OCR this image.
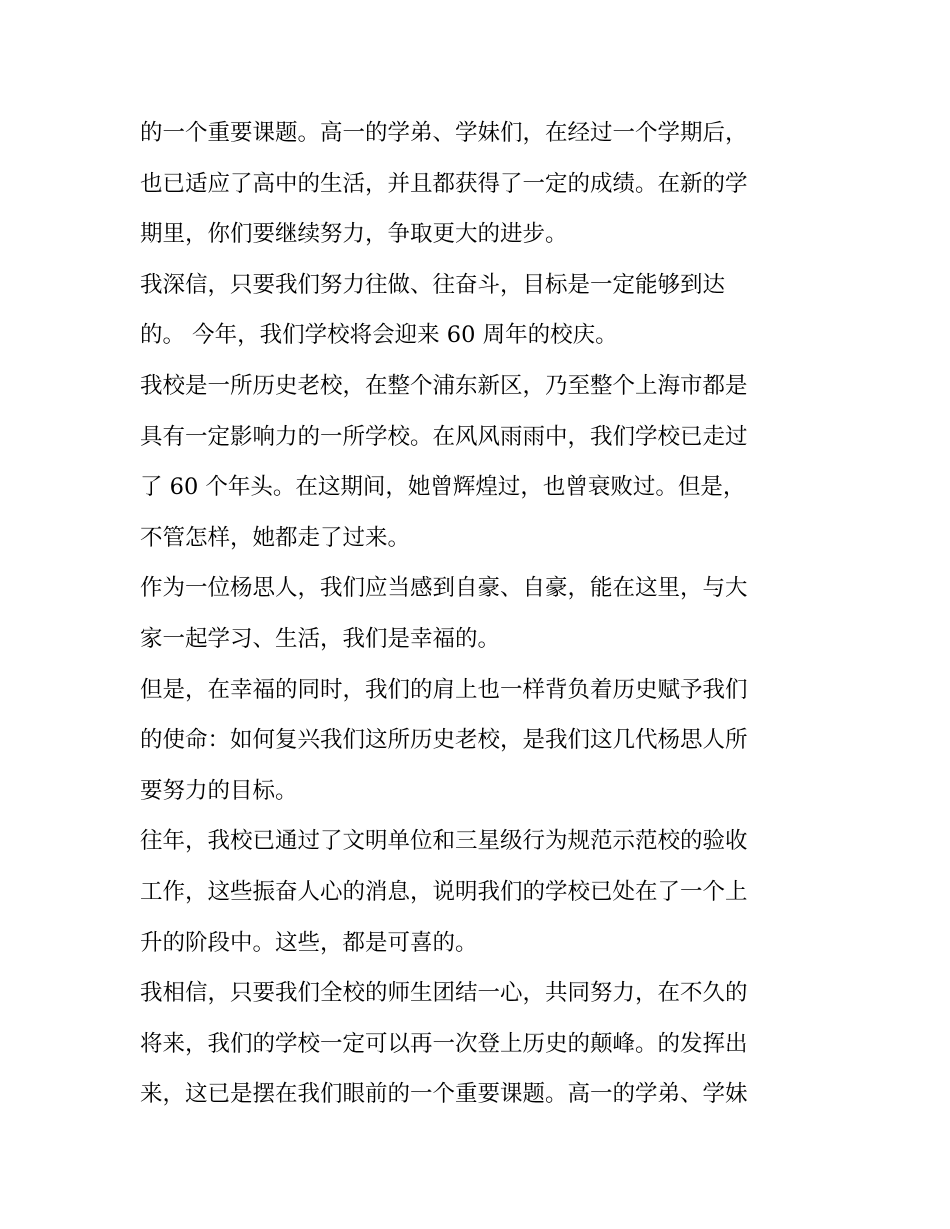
的一个重要课题。高一的学弟、学妹们，在经过一个学期后，
也已适应了高中的生活，并且都获得了一定的成绩。在新的学
期里，你们要继续努力，争取更大的进步。
我深信，只要我们努力往做、往奋斗，目标是一定能够到达
的。 今年，我们学校将会迎来 60 周年的校庆。
我校是一所历史老校，在整个浦东新区，乃至整个上海市都是
具有一定影响力的一所学校。在风风雨雨中，我们学校已走过
了 60 个年头。在这期间，她曾辉煌过，也曾衰败过。但是，
不管怎样，她都走了过来。
作为一位杨思人，我们应当感到自豪、自豪，能在这里，与大
家一起学习、生活，我们是幸福的。
但是，在幸福的同时，我们的肩上也一样背负着历史赋予我们
的使命：如何复兴我们这所历史老校，是我们这几代杨思人所
要努力的目标。
往年，我校已通过了文明单位和三星级行为规范示范校的验收
工作，这些振奋人心的消息，说明我们的学校已处在了一个上
升的阶段中。这些，都是可喜的。
我相信，只要我们全校的师生团结一心，共同努力，在不久的
将来，我们的学校一定可以再一次登上历史的颠峰。的发挥出
来，这已是摆在我们眼前的一个重要课题。高一的学弟、学妹
